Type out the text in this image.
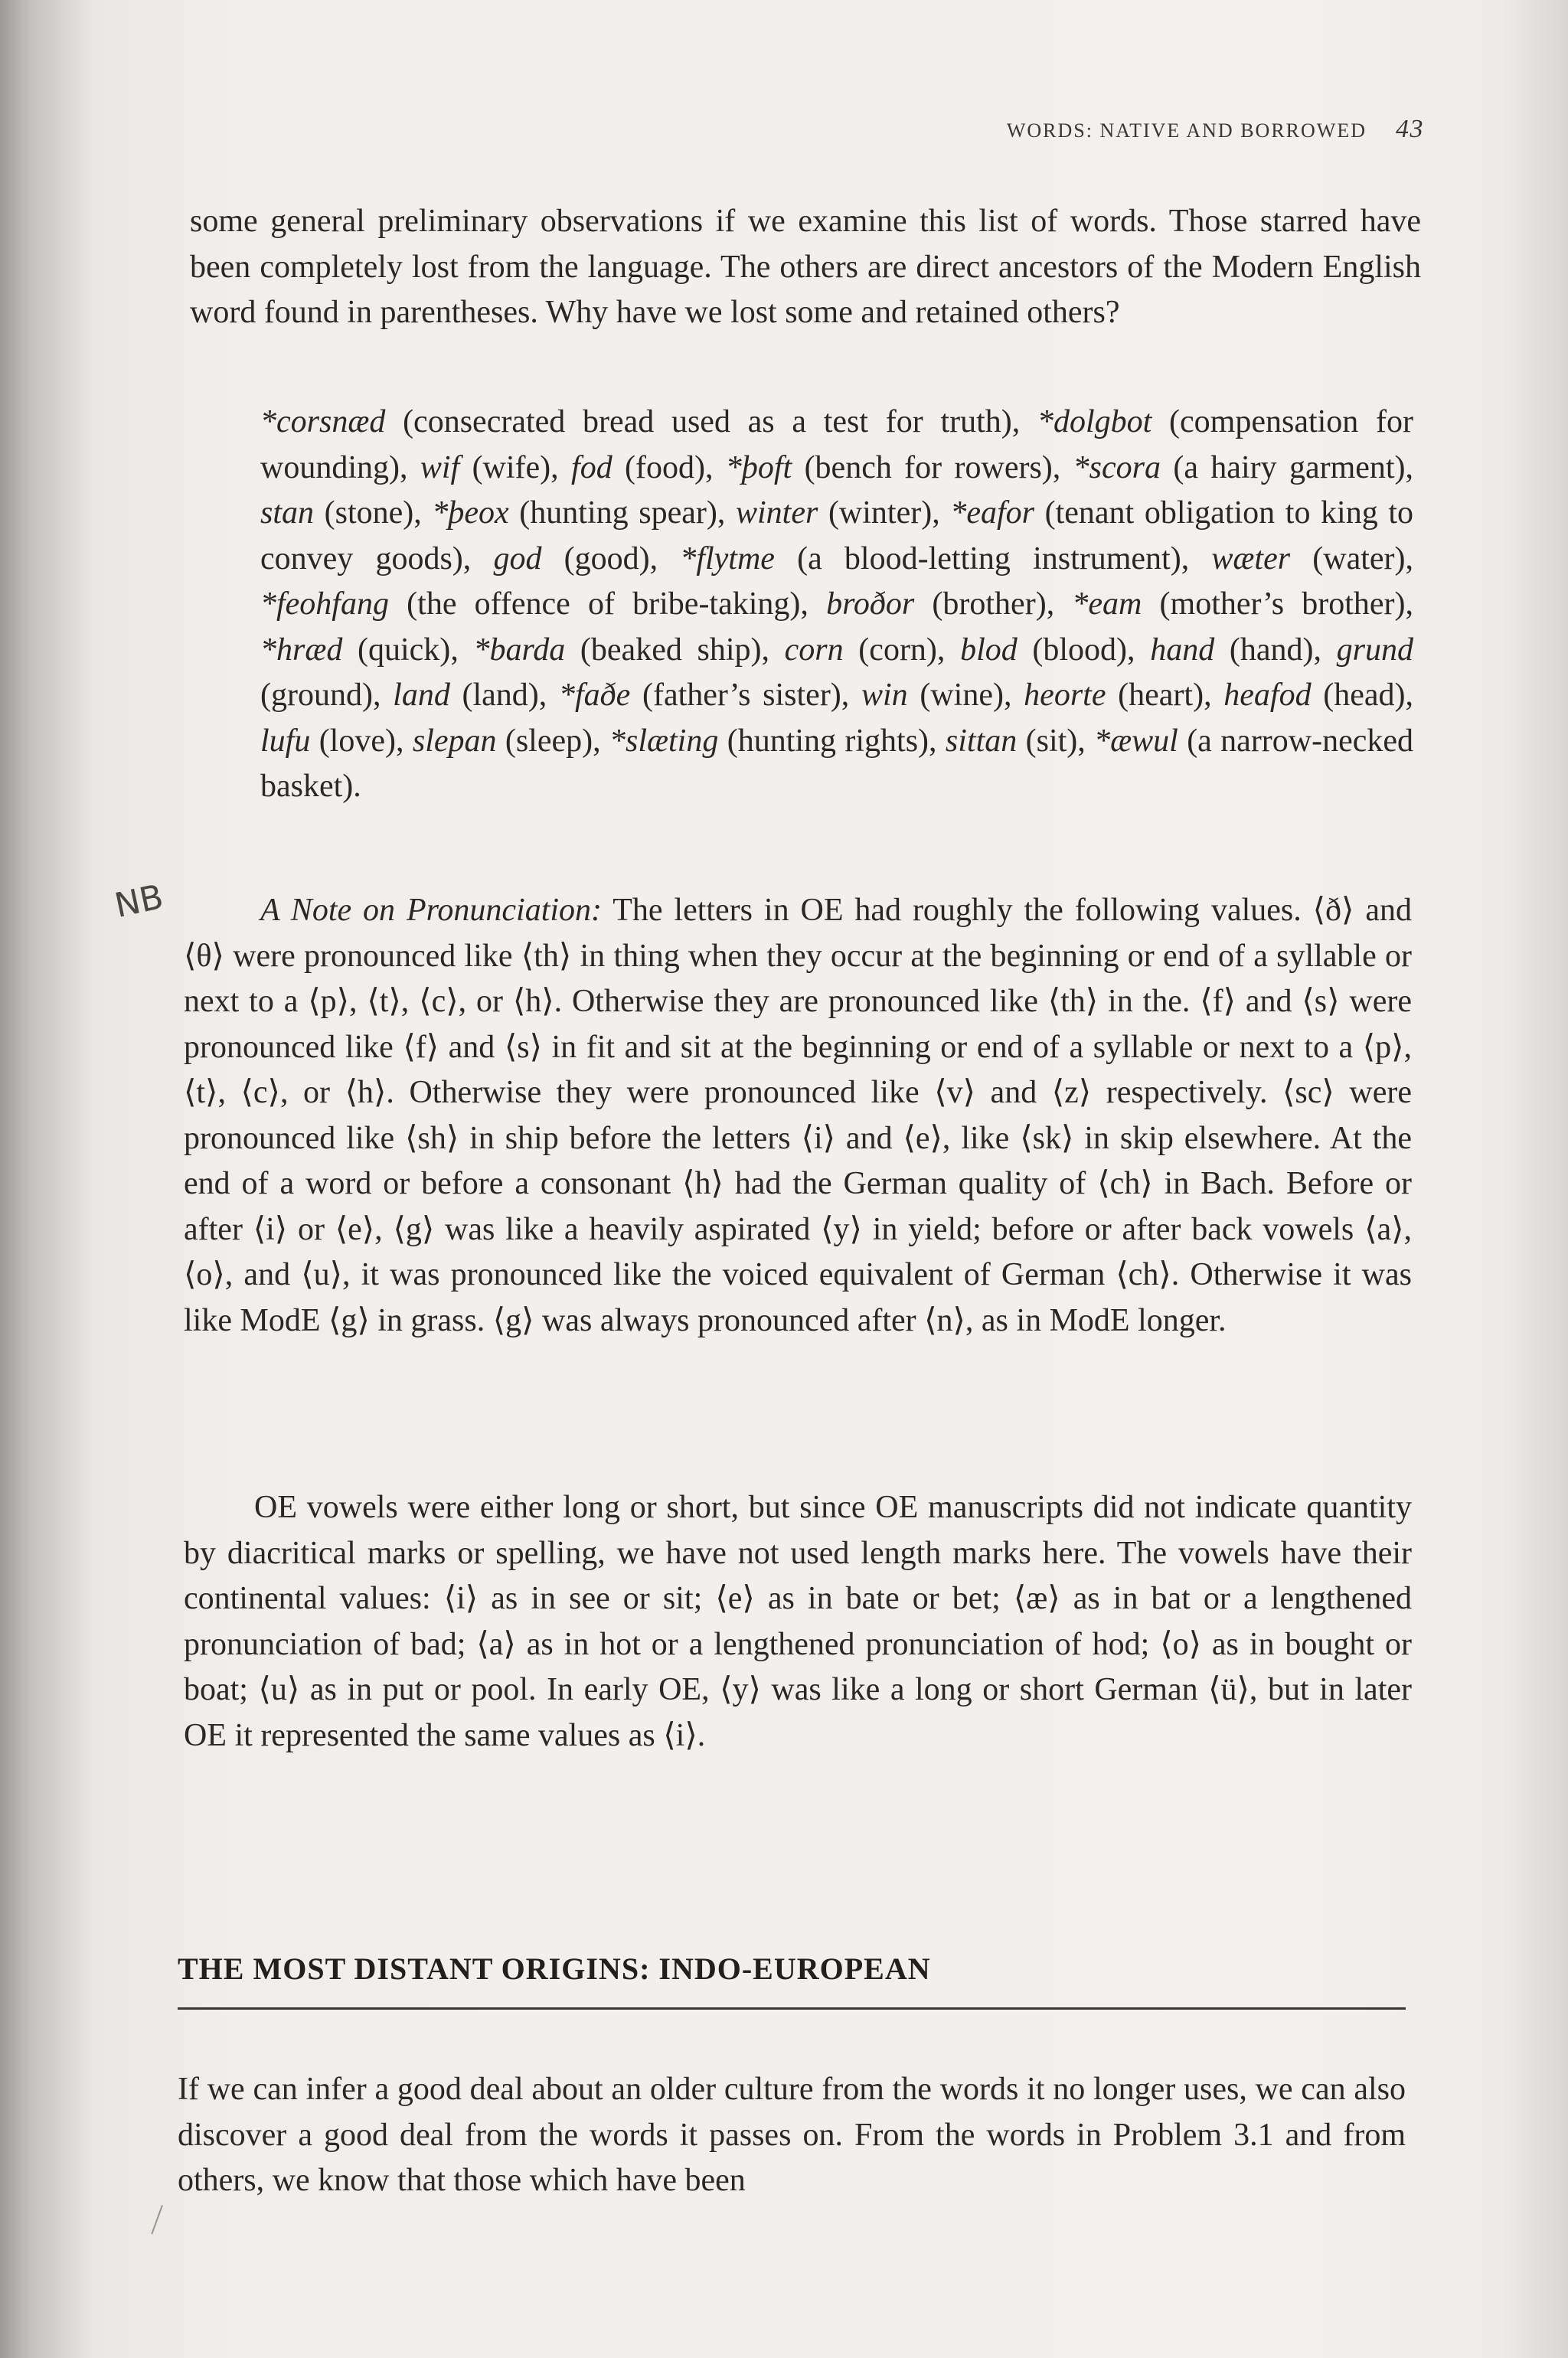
WORDS: NATIVE AND BORROWED 43

some general preliminary observations if we examine this list of words. Those starred have been completely lost from the language. The others are direct ancestors of the Modern English word found in parentheses. Why have we lost some and retained others?

*corsnæd (consecrated bread used as a test for truth), *dolgbot (compensation for wounding), wif (wife), fod (food), *þoft (bench for rowers), *scora (a hairy garment), stan (stone), *þeox (hunting spear), winter (winter), *eafor (tenant obligation to king to convey goods), god (good), *flytme (a blood-letting instrument), wæter (water), *feohfang (the offence of bribe-taking), broðor (brother), *eam (mother’s brother), *hræd (quick), *barda (beaked ship), corn (corn), blod (blood), hand (hand), grund (ground), land (land), *faðe (father’s sister), win (wine), heorte (heart), heafod (head), lufu (love), slepan (sleep), *slæting (hunting rights), sittan (sit), *æwul (a narrow-necked basket).

NB	A Note on Pronunciation: The letters in OE had roughly the following values. ⟨ð⟩ and ⟨θ⟩ were pronounced like ⟨th⟩ in thing when they occur at the beginning or end of a syllable or next to a ⟨p⟩, ⟨t⟩, ⟨c⟩, or ⟨h⟩. Otherwise they are pronounced like ⟨th⟩ in the. ⟨f⟩ and ⟨s⟩ were pronounced like ⟨f⟩ and ⟨s⟩ in fit and sit at the beginning or end of a syllable or next to a ⟨p⟩, ⟨t⟩, ⟨c⟩, or ⟨h⟩. Otherwise they were pronounced like ⟨v⟩ and ⟨z⟩ respectively. ⟨sc⟩ were pronounced like ⟨sh⟩ in ship before the letters ⟨i⟩ and ⟨e⟩, like ⟨sk⟩ in skip elsewhere. At the end of a word or before a consonant ⟨h⟩ had the German quality of ⟨ch⟩ in Bach. Before or after ⟨i⟩ or ⟨e⟩, ⟨g⟩ was like a heavily aspirated ⟨y⟩ in yield; before or after back vowels ⟨a⟩, ⟨o⟩, and ⟨u⟩, it was pronounced like the voiced equivalent of German ⟨ch⟩. Otherwise it was like ModE ⟨g⟩ in grass. ⟨g⟩ was always pronounced after ⟨n⟩, as in ModE longer.

OE vowels were either long or short, but since OE manuscripts did not indicate quantity by diacritical marks or spelling, we have not used length marks here. The vowels have their continental values: ⟨i⟩ as in see or sit; ⟨e⟩ as in bate or bet; ⟨æ⟩ as in bat or a lengthened pronunciation of bad; ⟨a⟩ as in hot or a lengthened pronunciation of hod; ⟨o⟩ as in bought or boat; ⟨u⟩ as in put or pool. In early OE, ⟨y⟩ was like a long or short German ⟨ü⟩, but in later OE it represented the same values as ⟨i⟩.

THE MOST DISTANT ORIGINS: INDO-EUROPEAN

If we can infer a good deal about an older culture from the words it no longer uses, we can also discover a good deal from the words it passes on. From the words in Problem 3.1 and from others, we know that those which have been
